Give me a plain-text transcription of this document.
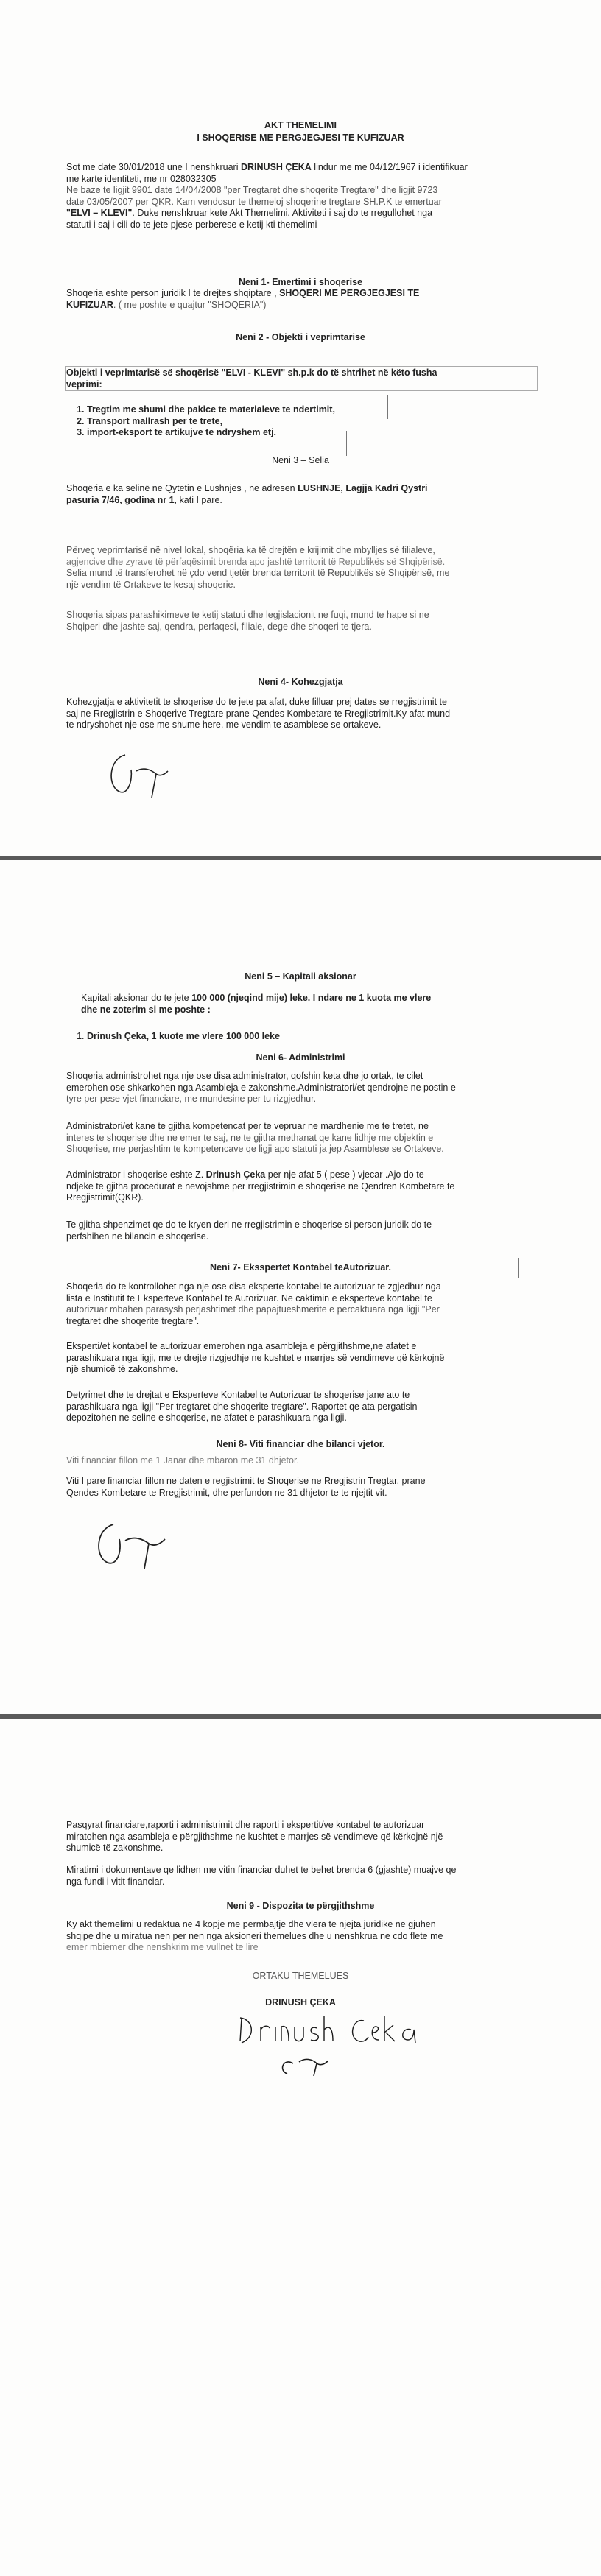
AKT THEMELIMI
I SHOQERISE ME PERGJEGJESI TE KUFIZUAR
Sot me date 30/01/2018 une I nenshkruari DRINUSH ÇEKA lindur me me 04/12/1967 i identifikuar
me karte identiteti, me nr 028032305
Ne baze te ligjit 9901 date 14/04/2008 "per Tregtaret dhe shoqerite Tregtare" dhe ligjit 9723
date 03/05/2007 per QKR. Kam vendosur te themeloj shoqerine tregtare SH.P.K te emertuar
"ELVI – KLEVI". Duke nenshkruar kete Akt Themelimi. Aktiviteti i saj do te rregullohet nga
statuti i saj i cili do te jete pjese perberese e ketij kti themelimi
Neni 1- Emertimi i shoqerise
Shoqeria eshte person juridik I te drejtes shqiptare , SHOQERI ME PERGJEGJESI TE
KUFIZUAR. ( me poshte e quajtur "SHOQERIA")
Neni 2 - Objekti i veprimtarise
Objekti i veprimtarisë së shoqërisë "ELVI - KLEVI" sh.p.k do të shtrihet në këto fusha
veprimi:
1. Tregtim me shumi dhe pakice te materialeve te ndertimit,
2. Transport mallrash per te trete,
3. import-eksport te artikujve te ndryshem etj.
Neni 3 – Selia
Shoqëria e ka selinë ne Qytetin e Lushnjes , ne adresen LUSHNJE, Lagjja Kadri Qystri
pasuria 7/46, godina nr 1, kati I pare.
Përveç veprimtarisë në nivel lokal, shoqëria ka të drejtën e krijimit dhe mbylljes së filialeve,
agjencive dhe zyrave të përfaqësimit brenda apo jashtë territorit të Republikës së Shqipërisë.
Selia mund të transferohet në çdo vend tjetër brenda territorit të Republikës së Shqipërisë, me
një vendim të Ortakeve te kesaj shoqerie.
Shoqeria sipas parashikimeve te ketij statuti dhe legjislacionit ne fuqi, mund te hape si ne
Shqiperi dhe jashte saj, qendra, perfaqesi, filiale, dege dhe shoqeri te tjera.
Neni 4- Kohezgjatja
Kohezgjatja e aktivitetit te shoqerise do te jete pa afat, duke filluar prej dates se rregjistrimit te
saj ne Rregjistrin e Shoqerive Tregtare prane Qendes Kombetare te Rregjistrimit.Ky afat mund
te ndryshohet nje ose me shume here, me vendim te asamblese se ortakeve.
Neni 5 – Kapitali aksionar
Kapitali aksionar do te jete 100 000 (njeqind mije) leke. I ndare ne 1 kuota me vlere
dhe ne zoterim si me poshte :
1. Drinush Çeka, 1 kuote me vlere 100 000 leke
Neni 6- Administrimi
Shoqeria administrohet nga nje ose disa administrator, qofshin keta dhe jo ortak, te cilet
emerohen ose shkarkohen nga Asambleja e zakonshme.Administratori/et qendrojne ne postin e
tyre per pese vjet financiare, me mundesine per tu rizgjedhur.
Administratori/et kane te gjitha kompetencat per te vepruar ne mardhenie me te tretet, ne
interes te shoqerise dhe ne emer te saj, ne te gjitha methanat qe kane lidhje me objektin e
Shoqerise, me perjashtim te kompetencave qe ligji apo statuti ja jep Asamblese se Ortakeve.
Administrator i shoqerise eshte Z. Drinush Çeka per nje afat 5 ( pese ) vjecar .Ajo do te
ndjeke te gjitha procedurat e nevojshme per rregjistrimin e shoqerise ne Qendren Kombetare te
Rregjistrimit(QKR).
Te gjitha shpenzimet qe do te kryen deri ne rregjistrimin e shoqerise si person juridik do te
perfshihen ne bilancin e shoqerise.
Neni 7- Eksspertet Kontabel teAutorizuar.
Shoqeria do te kontrollohet nga nje ose disa eksperte kontabel te autorizuar te zgjedhur nga
lista e Institutit te Eksperteve Kontabel te Autorizuar. Ne caktimin e eksperteve kontabel te
autorizuar mbahen parasysh perjashtimet dhe papajtueshmerite e percaktuara nga ligji "Per
tregtaret dhe shoqerite tregtare".
Eksperti/et kontabel te autorizuar emerohen nga asambleja e përgjithshme,ne afatet e
parashikuara nga ligji, me te drejte rizgjedhje ne kushtet e marrjes së vendimeve që kërkojnë
një shumicë të zakonshme.
Detyrimet dhe te drejtat e Eksperteve Kontabel te Autorizuar te shoqerise jane ato te
parashikuara nga ligji "Per tregtaret dhe shoqerite tregtare". Raportet qe ata pergatisin
depozitohen ne seline e shoqerise, ne afatet e parashikuara nga ligji.
Neni 8- Viti financiar dhe bilanci vjetor.
Viti financiar fillon me 1 Janar dhe mbaron me 31 dhjetor.
Viti I pare financiar fillon ne daten e regjistrimit te Shoqerise ne Rregjistrin Tregtar, prane
Qendes Kombetare te Rregjistrimit, dhe perfundon ne 31 dhjetor te te njejtit vit.
Pasqyrat financiare,raporti i administrimit dhe raporti i ekspertit/ve kontabel te autorizuar
miratohen nga asambleja e përgjithshme ne kushtet e marrjes së vendimeve që kërkojnë një
shumicë të zakonshme.
Miratimi i dokumentave qe lidhen me vitin financiar duhet te behet brenda 6 (gjashte) muajve qe
nga fundi i vitit financiar.
Neni 9 - Dispozita te përgjithshme
Ky akt themelimi u redaktua ne 4 kopje me permbajtje dhe vlera te njejta juridike ne gjuhen
shqipe dhe u miratua nen per nen nga aksioneri themelues dhe u nenshkrua ne cdo flete me
emer mbiemer dhe nenshkrim me vullnet te lire
ORTAKU THEMELUES
DRINUSH ÇEKA
